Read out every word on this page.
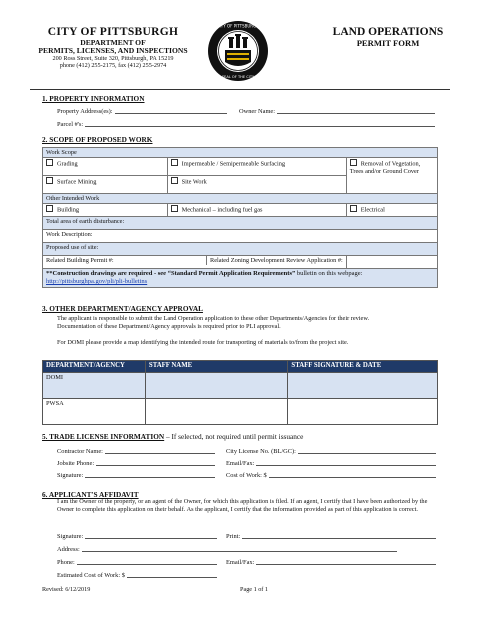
CITY OF PITTSBURGH
DEPARTMENT OF
PERMITS, LICENSES, AND INSPECTIONS
200 Ross Street, Suite 320, Pittsburgh, PA 15219
phone (412) 255-2175, fax (412) 255-2974
CITY OF PITTSBURGH
SEAL OF THE CITY
LAND OPERATIONS
PERMIT FORM
1. PROPERTY INFORMATION
Property Address(es):	Owner Name:
Parcel #'s:
2. SCOPE OF PROPOSED WORK
Work Scope		
Grading	Impermeable / Semipermeable Surfacing	Removal of Vegetation, Trees and/or Ground Cover
Surface Mining	Site Work	
Other Intended Work		
Building	Mechanical – including fuel gas	Electrical
Total area of earth disturbance:		
Work Description:		
Proposed use of site:		

Related Building Permit #: Related Zoning Development Review Application #:		

**Construction drawings are required - see “Standard Permit Application Requirements” bulletin on this webpage:
http://pittsburghpa.gov/pli/pli-bulletins		
3. OTHER DEPARTMENT/AGENCY APPROVAL
The applicant is responsible to submit the Land Operation application to these other Departments/Agencies for their review.
Documentation of these Department/Agency approvals is required prior to PLI approval.
For DOMI please provide a map identifying the intended route for transporting of materials to/from the project site.
DEPARTMENT/AGENCY	STAFF NAME	STAFF SIGNATURE & DATE
DOMI		
PWSA		
5. TRADE LICENSE INFORMATION – If selected, not required until permit issuance
Contractor Name:	City License No. (BL/GC):
Jobsite Phone:	Email/Fax:
Signature:	Cost of Work: $
6. APPLICANT'S AFFIDAVIT
I am the Owner of the property, or an agent of the Owner, for which this application is filed. If an agent, I certify that I have been authorized by the Owner to complete this application on their behalf. As the applicant, I certify that the information provided as part of this application is correct.
Signature:	Print:
Address:
Phone:	Email/Fax:
Estimated Cost of Work: $
Revised: 6/12/2019	Page 1 of 1
